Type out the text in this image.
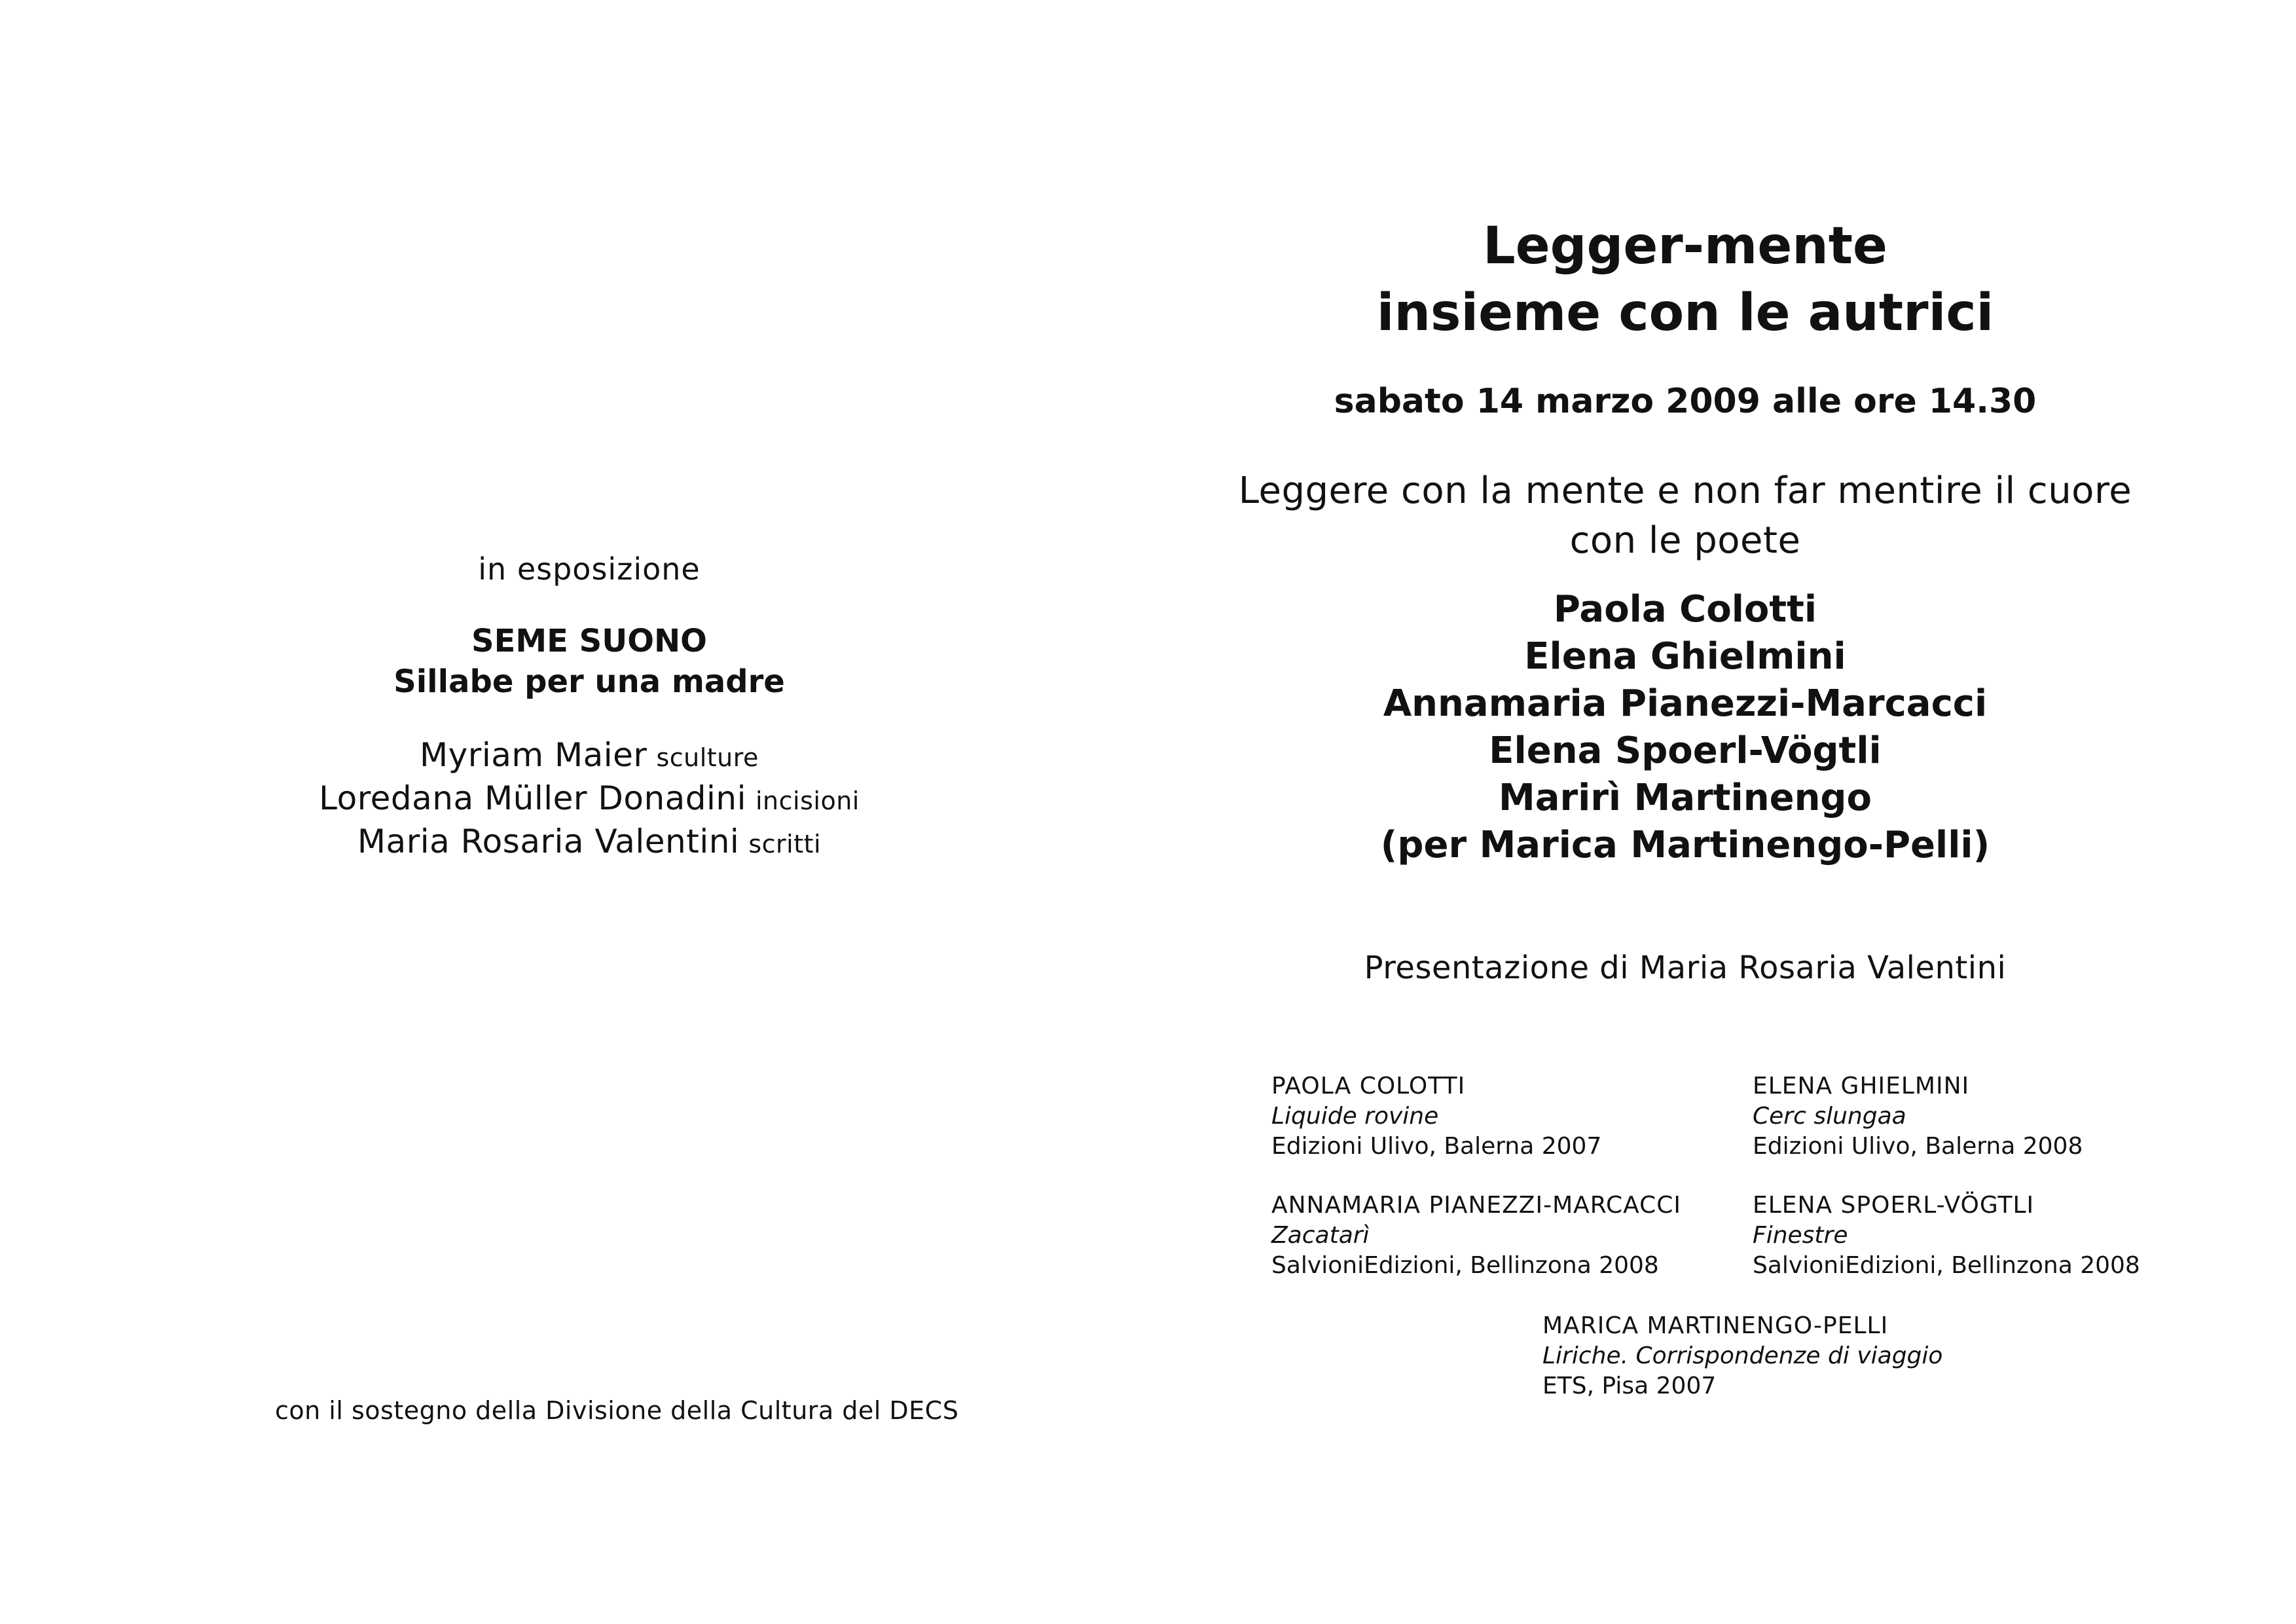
in esposizione
SEME SUONO
Sillabe per una madre
Myriam Maier sculture
Loredana Müller Donadini incisioni
Maria Rosaria Valentini scritti
con il sostegno della Divisione della Cultura del DECS
Legger-mente
insieme con le autrici
sabato 14 marzo 2009 alle ore 14.30
Leggere con la mente e non far mentire il cuore
con le poete
Paola Colotti
Elena Ghielmini
Annamaria Pianezzi-Marcacci
Elena Spoerl-Vögtli
Marirì Martinengo
(per Marica Martinengo-Pelli)
Presentazione di Maria Rosaria Valentini
PAOLA COLOTTI
Liquide rovine
Edizioni Ulivo, Balerna 2007
ELENA GHIELMINI
Cerc slungaa
Edizioni Ulivo, Balerna 2008
ANNAMARIA PIANEZZI-MARCACCI
Zacatarì
SalvioniEdizioni, Bellinzona 2008
ELENA SPOERL-VÖGTLI
Finestre
SalvioniEdizioni, Bellinzona 2008
MARICA MARTINENGO-PELLI
Liriche. Corrispondenze di viaggio
ETS, Pisa 2007
